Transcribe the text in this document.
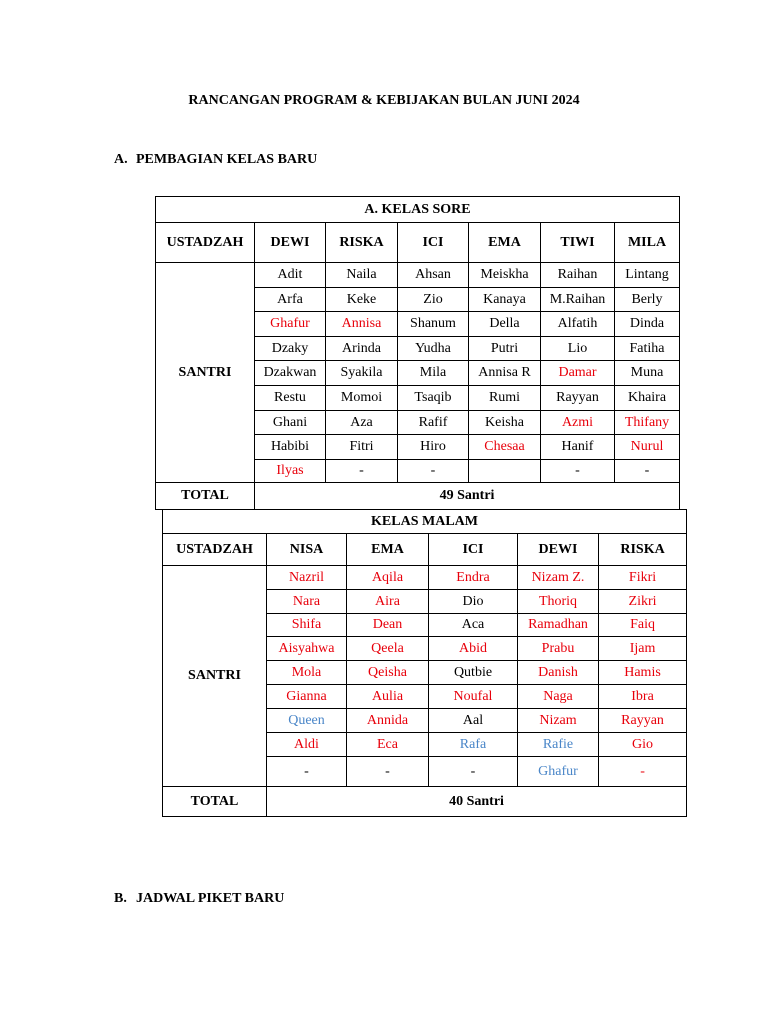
RANCANGAN PROGRAM & KEBIJAKAN BULAN JUNI 2024
A. PEMBAGIAN KELAS BARU
A. KELAS SORE						
USTADZAH	DEWI	RISKA	ICI	EMA	TIWI	MILA
SANTRI	Adit	Naila	Ahsan	Meiskha	Raihan	Lintang
	Arfa	Keke	Zio	Kanaya	M.Raihan	Berly
	Ghafur	Annisa	Shanum	Della	Alfatih	Dinda
	Dzaky	Arinda	Yudha	Putri	Lio	Fatiha
	Dzakwan	Syakila	Mila	Annisa R	Damar	Muna
	Restu	Momoi	Tsaqib	Rumi	Rayyan	Khaira
	Ghani	Aza	Rafif	Keisha	Azmi	Thifany
	Habibi	Fitri	Hiro	Chesaa	Hanif	Nurul
	Ilyas	-	-		-	-
TOTAL	49 Santri					
KELAS MALAM					
USTADZAH	NISA	EMA	ICI	DEWI	RISKA
SANTRI	Nazril	Aqila	Endra	Nizam Z.	Fikri
	Nara	Aira	Dio	Thoriq	Zikri
	Shifa	Dean	Aca	Ramadhan	Faiq
	Aisyahwa	Qeela	Abid	Prabu	Ijam
	Mola	Qeisha	Qutbie	Danish	Hamis
	Gianna	Aulia	Noufal	Naga	Ibra
	Queen	Annida	Aal	Nizam	Rayyan
	Aldi	Eca	Rafa	Rafie	Gio
	-	-	-	Ghafur	-
TOTAL	40 Santri				
B. JADWAL PIKET BARU
